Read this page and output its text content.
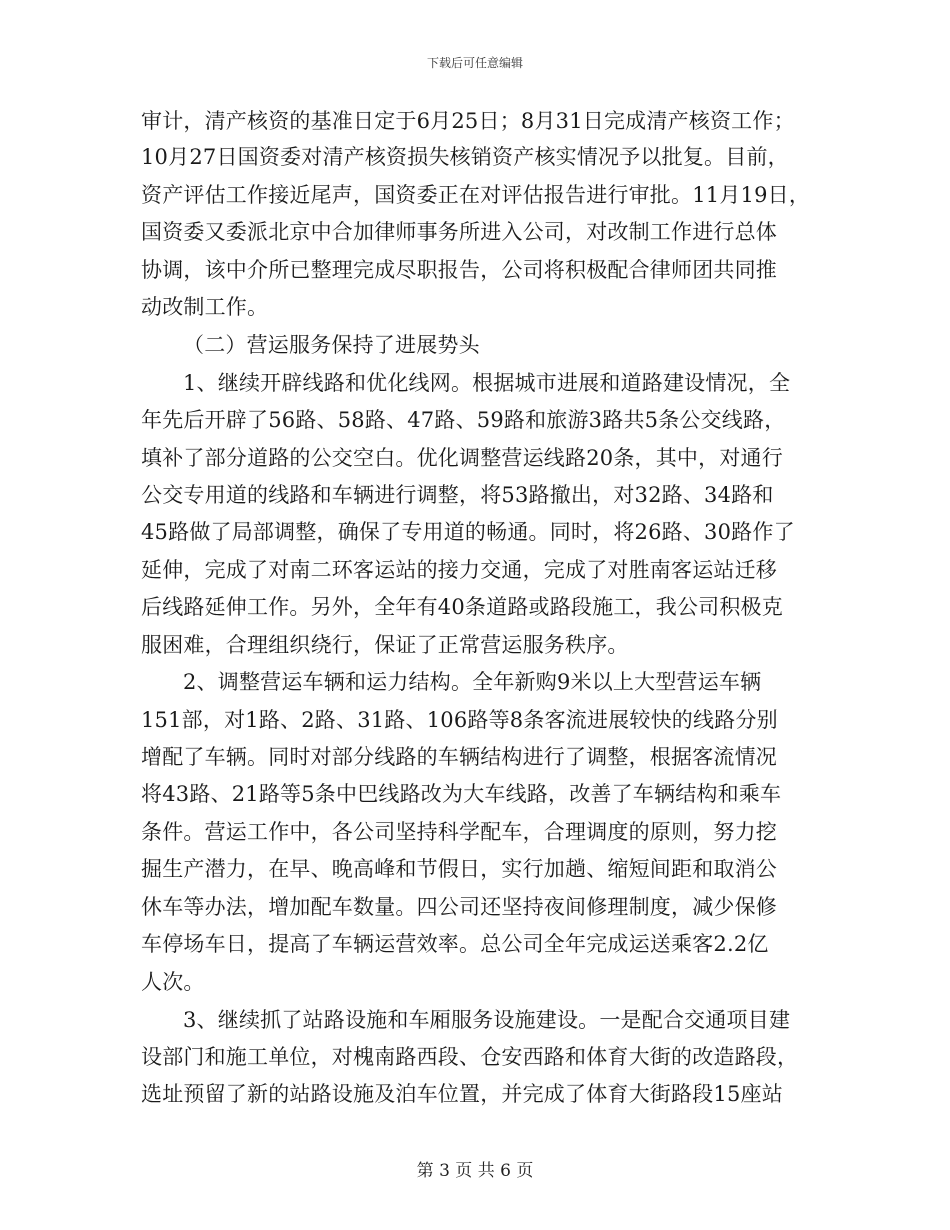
下载后可任意编辑
审计，清产核资的基准日定于6月25日；8月31日完成清产核资工作；
10月27日国资委对清产核资损失核销资产核实情况予以批复。目前，
资产评估工作接近尾声，国资委正在对评估报告进行审批。11月19日，
国资委又委派北京中合加律师事务所进入公司，对改制工作进行总体
协调，该中介所已整理完成尽职报告，公司将积极配合律师团共同推
动改制工作。
（二）营运服务保持了进展势头
1、继续开辟线路和优化线网。根据城市进展和道路建设情况，全
年先后开辟了56路、58路、47路、59路和旅游3路共5条公交线路，
填补了部分道路的公交空白。优化调整营运线路20条，其中，对通行
公交专用道的线路和车辆进行调整，将53路撤出，对32路、34路和
45路做了局部调整，确保了专用道的畅通。同时，将26路、30路作了
延伸，完成了对南二环客运站的接力交通，完成了对胜南客运站迁移
后线路延伸工作。另外，全年有40条道路或路段施工，我公司积极克
服困难，合理组织绕行，保证了正常营运服务秩序。
2、调整营运车辆和运力结构。全年新购9米以上大型营运车辆
151部，对1路、2路、31路、106路等8条客流进展较快的线路分别
增配了车辆。同时对部分线路的车辆结构进行了调整，根据客流情况
将43路、21路等5条中巴线路改为大车线路，改善了车辆结构和乘车
条件。营运工作中，各公司坚持科学配车，合理调度的原则，努力挖
掘生产潜力，在早、晚高峰和节假日，实行加趟、缩短间距和取消公
休车等办法，增加配车数量。四公司还坚持夜间修理制度，减少保修
车停场车日，提高了车辆运营效率。总公司全年完成运送乘客2.2亿
人次。
3、继续抓了站路设施和车厢服务设施建设。一是配合交通项目建
设部门和施工单位，对槐南路西段、仓安西路和体育大街的改造路段，
选址预留了新的站路设施及泊车位置，并完成了体育大街路段15座站
第 3 页 共 6 页
